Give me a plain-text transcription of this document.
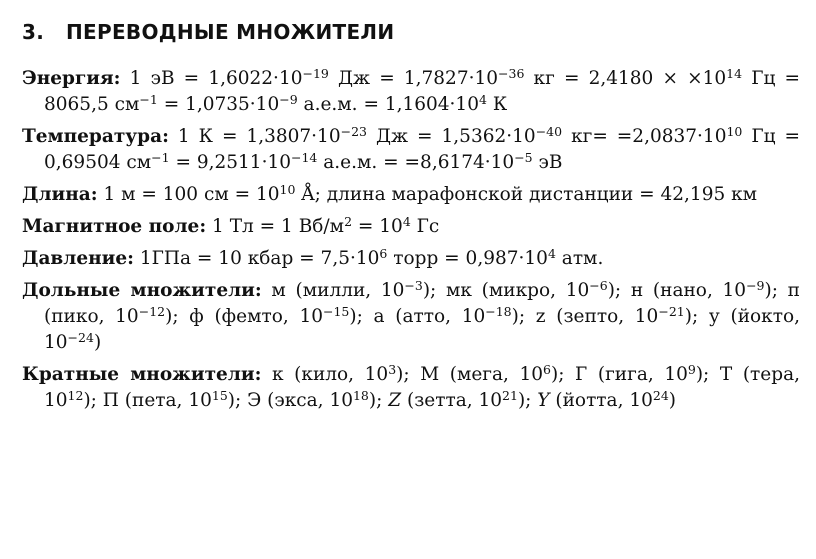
3. ПЕРЕВОДНЫЕ МНОЖИТЕЛИ
Энергия: 1 эВ = $1,6022\cdot 10^{-19}$ Дж = $1,7827\cdot 10^{-36}$ кг = $2,4180 \times \times 10^{14}$ Гц = 8065,5 $см^{-1} = 1,0735\cdot 10^{-9}$ а.е.м. = $1,1604\cdot 10^4$ К
Температура: 1 $К = 1,3807\cdot 10^{-23}$ Дж = $1,5362\cdot 10^{-40}$ $кг= =2,0837\cdot 10^{10}$ Гц = 0,69504 $см^{-1} = 9,2511\cdot 10^{-14}$ а.е.м. = $=8,6174\cdot 10^{-5}$ эВ
Длина: 1 м = 100 см = $10^{10}$ Å; длина марафонской дистанции = 42,195 км
Магнитное поле: 1 Тл = 1 $Вб/м^2 = 10^4$ Гс
Давление: 1ГПа = 10 кбар = $7,5\cdot 10^6$ торр = $0,987\cdot 10^4$ атм.
Дольные множители: м (милли, $10^{-3}$); мк (микро, $10^{-6}$); н (нано, $10^{-9}$); п (пико, $10^{-12}$); ф (фемто, $10^{-15}$); а (атто, $10^{-18}$); z (зепто, $10^{-21}$); у (йокто, $10^{-24}$)
Кратные множители: к (кило, $10^3$); М (мега, $10^6$); Г (гига, $10^9$); Т (тера, $10^{12}$); П (пета, $10^{15}$); Э (экса, $10^{18}$); Z (зетта, $10^{21}$); Y (йотта, $10^{24}$)
